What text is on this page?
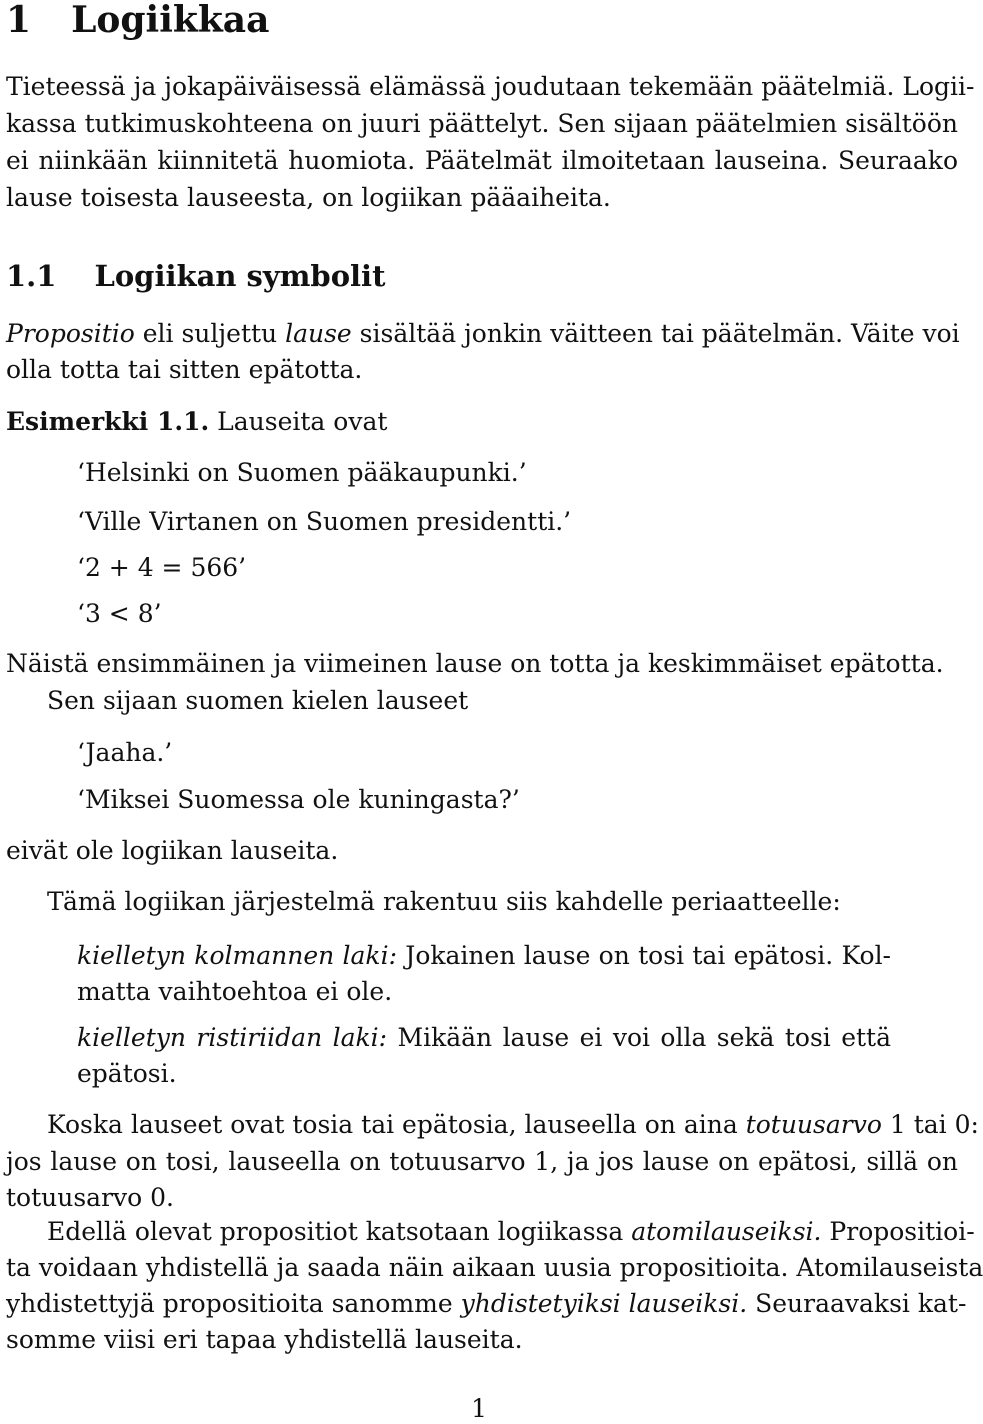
1 Logiikkaa
Tieteessä ja jokapäiväisessä elämässä joudutaan tekemään päätelmiä. Logii-
kassa tutkimuskohteena on juuri päättelyt. Sen sijaan päätelmien sisältöön
ei niinkään kiinnitetä huomiota. Päätelmät ilmoitetaan lauseina. Seuraako
lause toisesta lauseesta, on logiikan pääaiheita.
1.1 Logiikan symbolit
Propositio eli suljettu lause sisältää jonkin väitteen tai päätelmän. Väite voi
olla totta tai sitten epätotta.
Esimerkki 1.1. Lauseita ovat
‘Helsinki on Suomen pääkaupunki.’
‘Ville Virtanen on Suomen presidentti.’
‘2 + 4 = 566’
‘3 < 8’
Näistä ensimmäinen ja viimeinen lause on totta ja keskimmäiset epätotta.
Sen sijaan suomen kielen lauseet
‘Jaaha.’
‘Miksei Suomessa ole kuningasta?’
eivät ole logiikan lauseita.
Tämä logiikan järjestelmä rakentuu siis kahdelle periaatteelle:
kielletyn kolmannen laki: Jokainen lause on tosi tai epätosi. Kol-
matta vaihtoehtoa ei ole.
kielletyn ristiriidan laki: Mikään lause ei voi olla sekä tosi että
epätosi.
Koska lauseet ovat tosia tai epätosia, lauseella on aina totuusarvo 1 tai 0:
jos lause on tosi, lauseella on totuusarvo 1, ja jos lause on epätosi, sillä on
totuusarvo 0.
Edellä olevat propositiot katsotaan logiikassa atomilauseiksi. Propositioi-
ta voidaan yhdistellä ja saada näin aikaan uusia propositioita. Atomilauseista
yhdistettyjä propositioita sanomme yhdistetyiksi lauseiksi. Seuraavaksi kat-
somme viisi eri tapaa yhdistellä lauseita.
1
